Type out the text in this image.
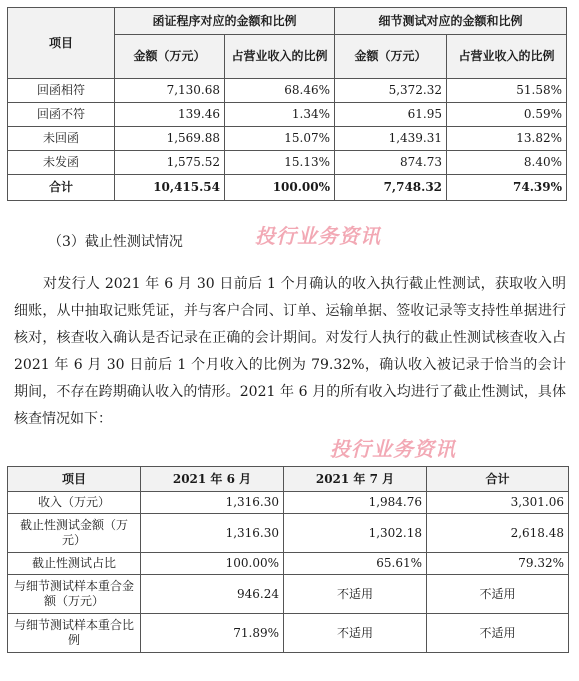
项目	函证程序对应的金额和比例		细节测试对应的金额和比例	
	金额（万元）	占营业收入的比例	金额（万元）	占营业收入的比例
回函相符	7,130.68	68.46%	5,372.32	51.58%
回函不符	139.46	1.34%	61.95	0.59%
未回函	1,569.88	15.07%	1,439.31	13.82%
未发函	1,575.52	15.13%	874.73	8.40%
合计	10,415.54	100.00%	7,748.32	74.39%
投行业务资讯
（3）截止性测试情况
对发行人 2021 年 6 月 30 日前后 1 个月确认的收入执行截止性测试，获取收入明细账，从中抽取记账凭证，并与客户合同、订单、运输单据、签收记录等支持性单据进行核对，核查收入确认是否记录在正确的会计期间。对发行人执行的截止性测试核查收入占 2021 年 6 月 30 日前后 1 个月收入的比例为 79.32%，确认收入被记录于恰当的会计期间，不存在跨期确认收入的情形。2021 年 6 月的所有收入均进行了截止性测试，具体核查情况如下：
投行业务资讯
项目	2021 年 6 月	2021 年 7 月	合计
收入（万元）	1,316.30	1,984.76	3,301.06
截止性测试金额（万元）	1,316.30	1,302.18	2,618.48
截止性测试占比	100.00%	65.61%	79.32%
与细节测试样本重合金额（万元）	946.24	不适用	不适用
与细节测试样本重合比例	71.89%	不适用	不适用
